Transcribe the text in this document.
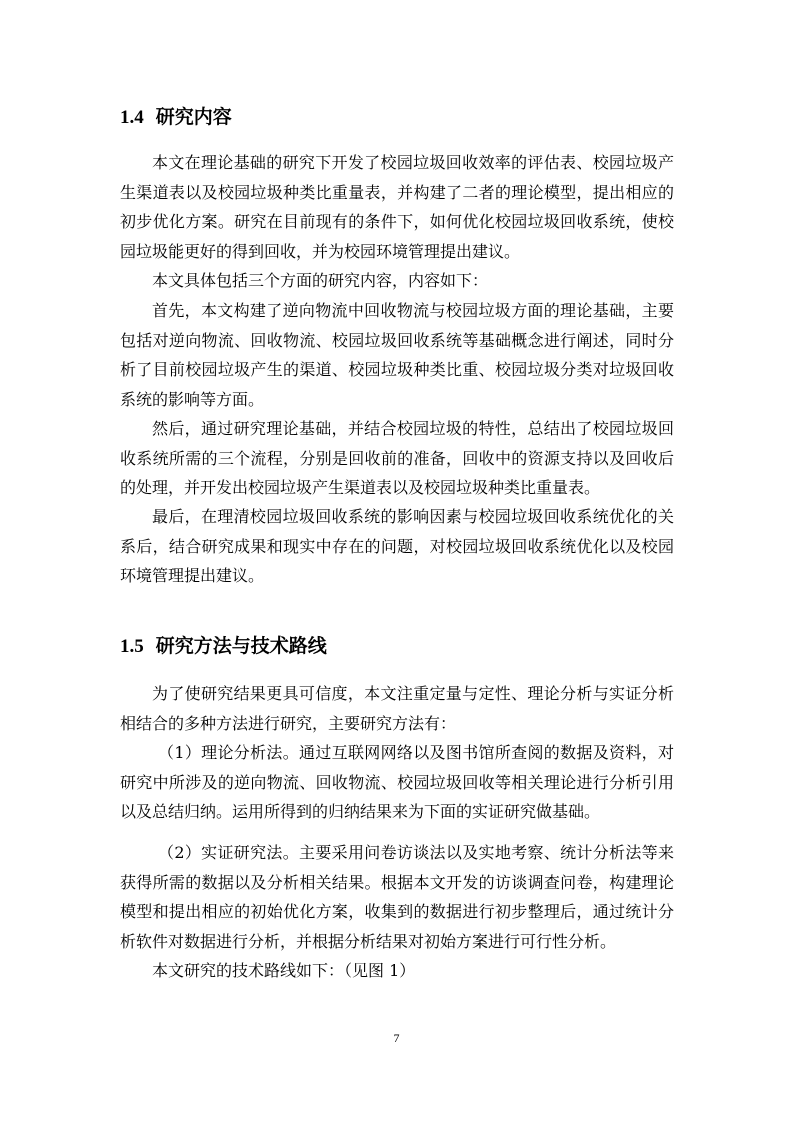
1.4 研究内容

本文在理论基础的研究下开发了校园垃圾回收效率的评估表、校园垃圾产生渠道表以及校园垃圾种类比重量表，并构建了二者的理论模型，提出相应的初步优化方案。研究在目前现有的条件下，如何优化校园垃圾回收系统，使校园垃圾能更好的得到回收，并为校园环境管理提出建议。

本文具体包括三个方面的研究内容，内容如下：

首先，本文构建了逆向物流中回收物流与校园垃圾方面的理论基础，主要包括对逆向物流、回收物流、校园垃圾回收系统等基础概念进行阐述，同时分析了目前校园垃圾产生的渠道、校园垃圾种类比重、校园垃圾分类对垃圾回收系统的影响等方面。

然后，通过研究理论基础，并结合校园垃圾的特性，总结出了校园垃圾回收系统所需的三个流程，分别是回收前的准备，回收中的资源支持以及回收后的处理，并开发出校园垃圾产生渠道表以及校园垃圾种类比重量表。

最后，在理清校园垃圾回收系统的影响因素与校园垃圾回收系统优化的关系后，结合研究成果和现实中存在的问题，对校园垃圾回收系统优化以及校园环境管理提出建议。

1.5 研究方法与技术路线

为了使研究结果更具可信度，本文注重定量与定性、理论分析与实证分析相结合的多种方法进行研究，主要研究方法有：

（1）理论分析法。通过互联网网络以及图书馆所查阅的数据及资料，对研究中所涉及的逆向物流、回收物流、校园垃圾回收等相关理论进行分析引用以及总结归纳。运用所得到的归纳结果来为下面的实证研究做基础。

（2）实证研究法。主要采用问卷访谈法以及实地考察、统计分析法等来获得所需的数据以及分析相关结果。根据本文开发的访谈调查问卷，构建理论模型和提出相应的初始优化方案，收集到的数据进行初步整理后，通过统计分析软件对数据进行分析，并根据分析结果对初始方案进行可行性分析。

本文研究的技术路线如下：（见图 1）

7
